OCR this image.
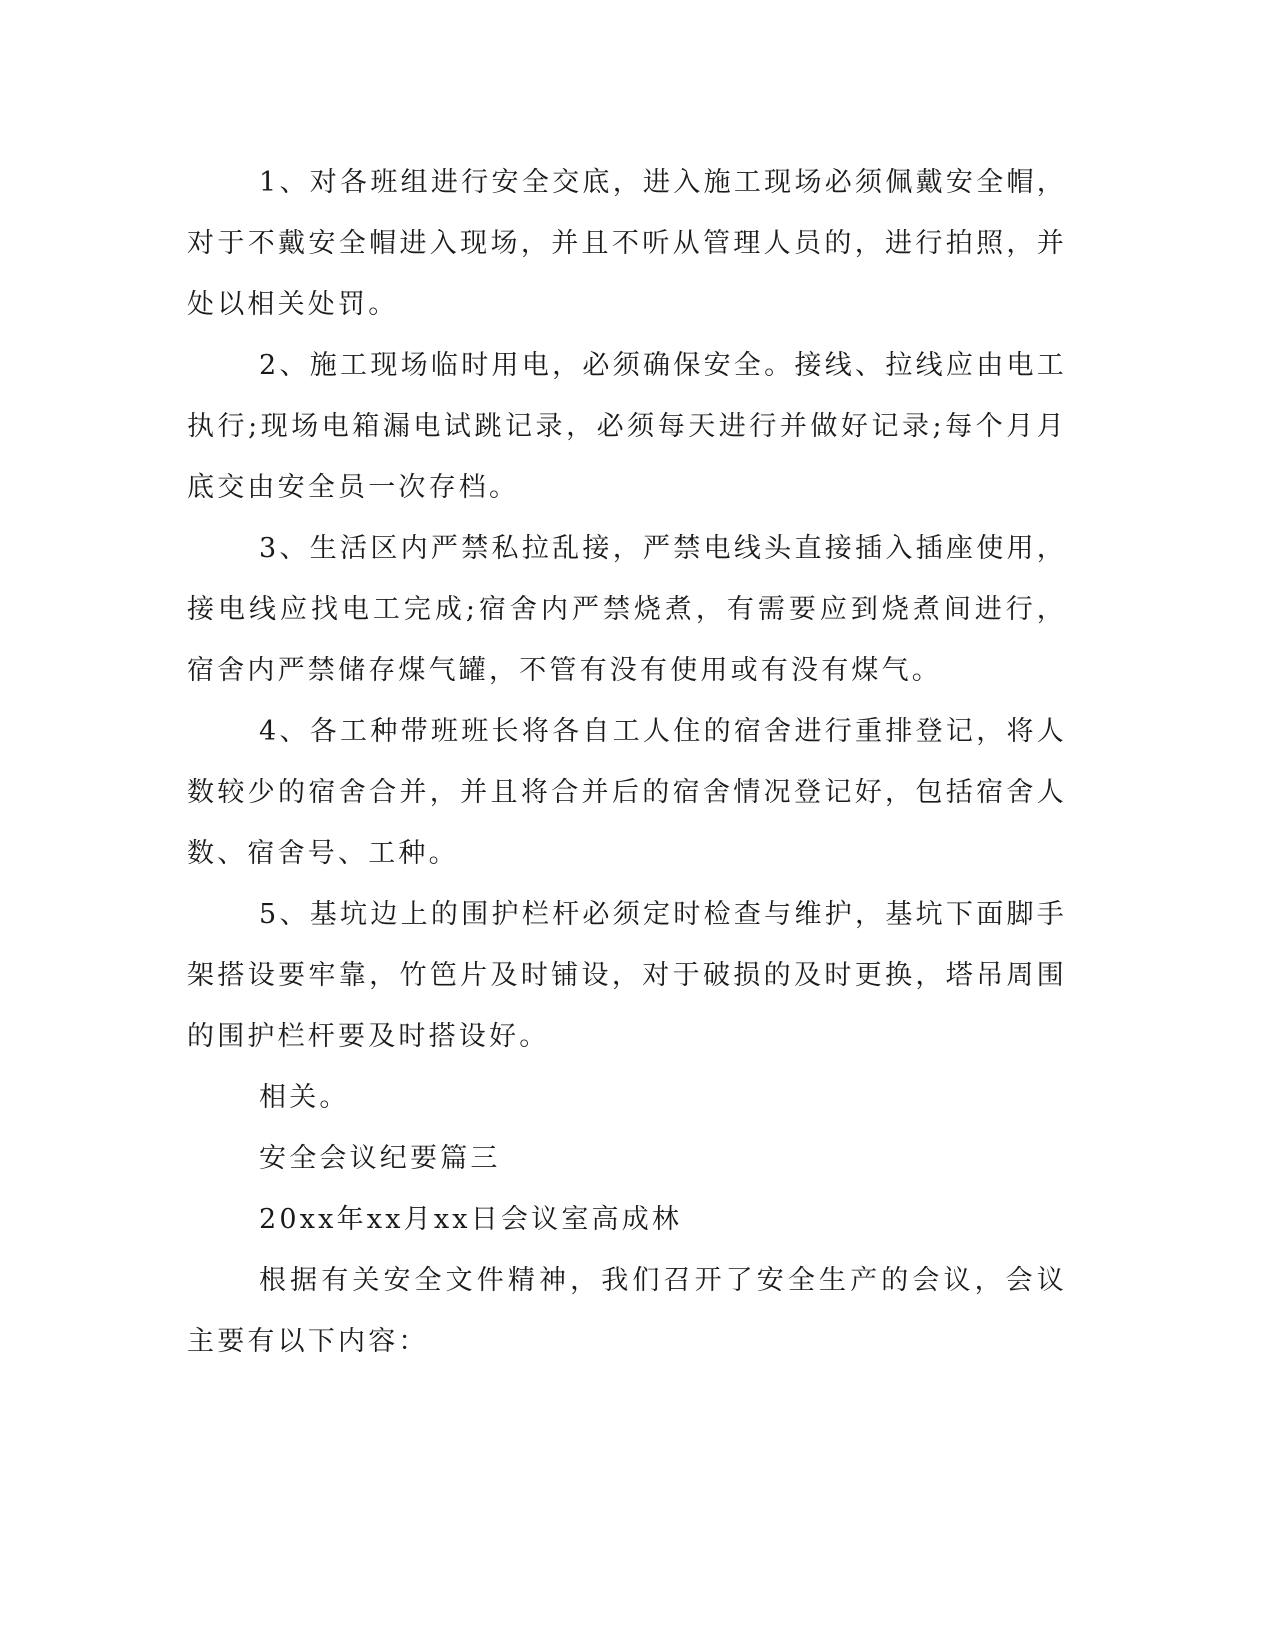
1、对各班组进行安全交底，进入施工现场必须佩戴安全帽，对于不戴安全帽进入现场，并且不听从管理人员的，进行拍照，并处以相关处罚。

2、施工现场临时用电，必须确保安全。接线、拉线应由电工执行;现场电箱漏电试跳记录，必须每天进行并做好记录;每个月月底交由安全员一次存档。

3、生活区内严禁私拉乱接，严禁电线头直接插入插座使用，接电线应找电工完成;宿舍内严禁烧煮，有需要应到烧煮间进行，宿舍内严禁储存煤气罐，不管有没有使用或有没有煤气。

4、各工种带班班长将各自工人住的宿舍进行重排登记，将人数较少的宿舍合并，并且将合并后的宿舍情况登记好，包括宿舍人数、宿舍号、工种。

5、基坑边上的围护栏杆必须定时检查与维护，基坑下面脚手架搭设要牢靠，竹笆片及时铺设，对于破损的及时更换，塔吊周围的围护栏杆要及时搭设好。

相关。

安全会议纪要篇三

20xx年xx月xx日会议室高成林

根据有关安全文件精神，我们召开了安全生产的会议，会议主要有以下内容：
